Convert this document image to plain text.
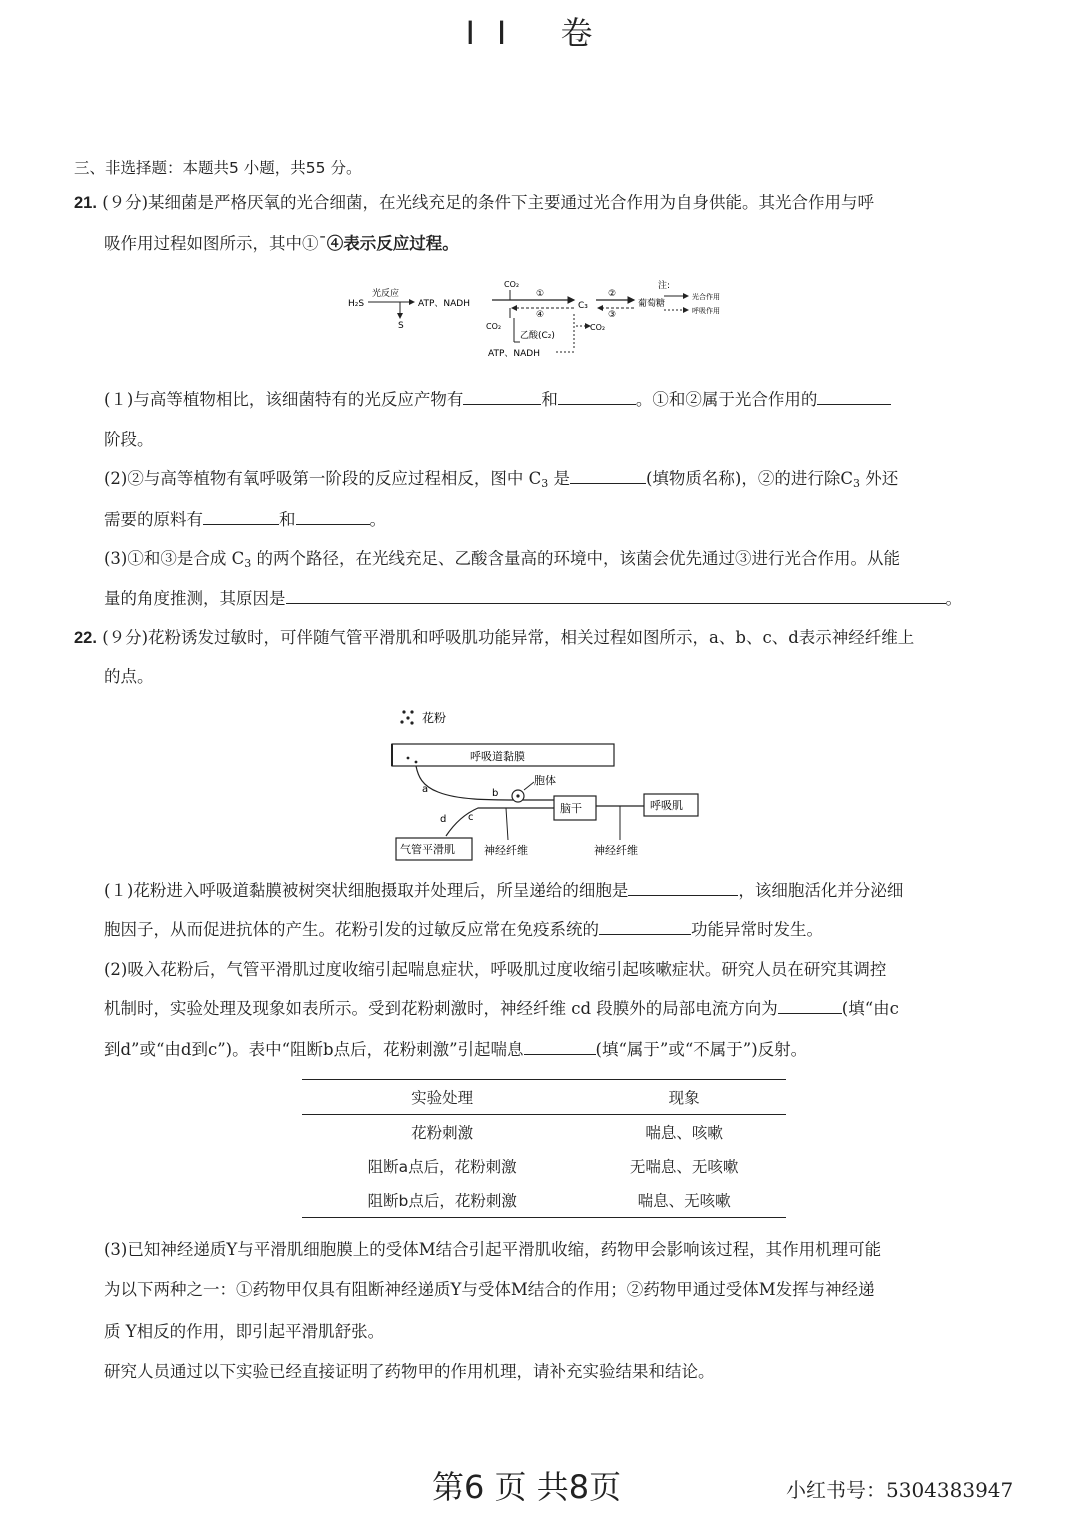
II 卷
三、非选择题：本题共5 小题，共55 分。
21. (９分)某细菌是严格厌氧的光合细菌，在光线充足的条件下主要通过光合作用为自身供能。其光合作用与呼
吸作用过程如图所示，其中①ˉ④表示反应过程。
H₂S
光反应
S
ATP、NADH
CO₂
①
④
CO₂
C₃
②
③
葡萄糖
乙酸(C₂)
CO₂
ATP、NADH
注:
光合作用
呼吸作用
(１)与高等植物相比，该细菌特有的光反应产物有	和	。①和②属于光合作用的
阶段。
(2)②与高等植物有氧呼吸第一阶段的反应过程相反，图中 $C_3$ 是	(填物质名称)，②的进行除$C_3$ 外还
需要的原料有	和	。
(3)①和③是合成 $C_3$ 的两个路径，在光线充足、乙酸含量高的环境中，该菌会优先通过③进行光合作用。从能
量的角度推测，其原因是	。
22. (９分)花粉诱发过敏时，可伴随气管平滑肌和呼吸肌功能异常，相关过程如图所示，a、b、c、d表示神经纤维上
的点。
花粉
呼吸道黏膜
a	b
胞体
脑干
c
d
呼吸肌
气管平滑肌	神经纤维	神经纤维
(１)花粉进入呼吸道黏膜被树突状细胞摄取并处理后，所呈递给的细胞是	，该细胞活化并分泌细
胞因子，从而促进抗体的产生。花粉引发的过敏反应常在免疫系统的	功能异常时发生。
(2)吸入花粉后，气管平滑肌过度收缩引起喘息症状，呼吸肌过度收缩引起咳嗽症状。研究人员在研究其调控
机制时，实验处理及现象如表所示。受到花粉刺激时，神经纤维 cd 段膜外的局部电流方向为	(填“由c
到d”或“由d到c”)。表中“阻断b点后，花粉刺激”引起喘息	(填“属于”或“不属于”)反射。
实验处理	现象
花粉刺激	喘息、咳嗽
阻断a点后，花粉刺激	无喘息、无咳嗽
阻断b点后，花粉刺激	喘息、无咳嗽
(3)已知神经递质Y与平滑肌细胞膜上的受体M结合引起平滑肌收缩，药物甲会影响该过程，其作用机理可能
为以下两种之一：①药物甲仅具有阻断神经递质Y与受体M结合的作用；②药物甲通过受体M发挥与神经递
质 Y相反的作用，即引起平滑肌舒张。
研究人员通过以下实验已经直接证明了药物甲的作用机理，请补充实验结果和结论。
第6 页 共8页	小红书号：5304383947
